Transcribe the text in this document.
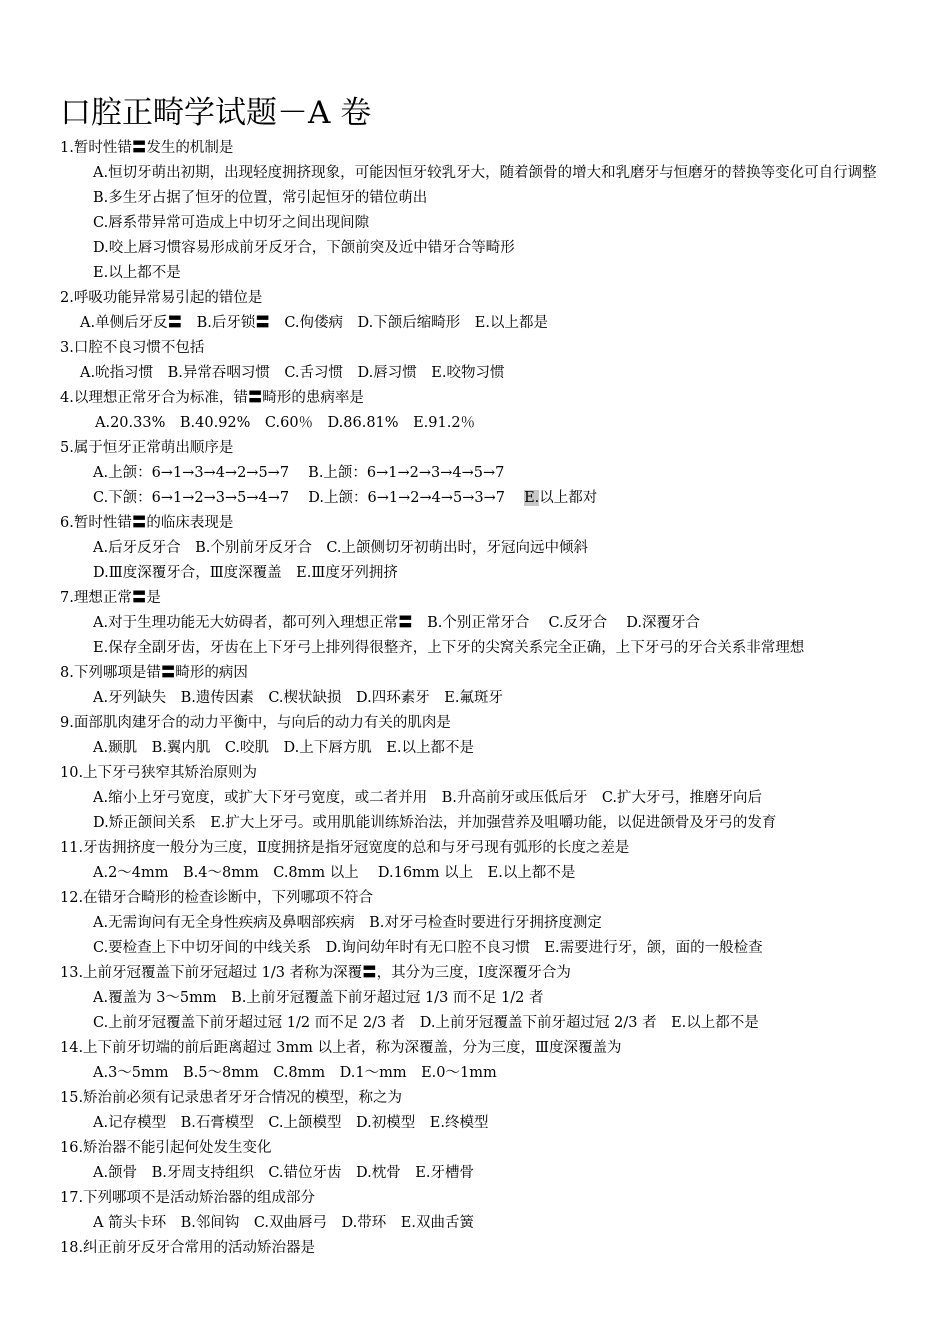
口腔正畸学试题－A 卷
1.暂时性错〓发生的机制是
A.恒切牙萌出初期，出现轻度拥挤现象，可能因恒牙较乳牙大，随着颌骨的增大和乳磨牙与恒磨牙的替换等变化可自行调整
B.多生牙占据了恒牙的位置，常引起恒牙的错位萌出
C.唇系带异常可造成上中切牙之间出现间隙
D.咬上唇习惯容易形成前牙反牙合，下颌前突及近中错牙合等畸形
E.以上都不是
2.呼吸功能异常易引起的错位是
A.单侧后牙反〓　B.后牙锁〓　C.佝偻病　D.下颌后缩畸形　E.以上都是
3.口腔不良习惯不包括
A.吮指习惯　B.异常吞咽习惯　C.舌习惯　D.唇习惯　E.咬物习惯
4.以理想正常牙合为标准，错〓畸形的患病率是
A.20.33%　B.40.92%　C.60％　D.86.81%　E.91.2％
5.属于恒牙正常萌出顺序是
A.上颌：6→1→3→4→2→5→7　 B.上颌：6→1→2→3→4→5→7
C.下颌：6→1→2→3→5→4→7　 D.上颌：6→1→2→4→5→3→7　 E.以上都对
6.暂时性错〓的临床表现是
A.后牙反牙合　B.个别前牙反牙合　C.上颌侧切牙初萌出时，牙冠向远中倾斜
D.Ⅲ度深覆牙合，Ⅲ度深覆盖　E.Ⅲ度牙列拥挤
7.理想正常〓是
A.对于生理功能无大妨碍者，都可列入理想正常〓　B.个别正常牙合　 C.反牙合　 D.深覆牙合
E.保存全副牙齿，牙齿在上下牙弓上排列得很整齐，上下牙的尖窝关系完全正确，上下牙弓的牙合关系非常理想
8.下列哪项是错〓畸形的病因
A.牙列缺失　B.遗传因素　C.楔状缺损　D.四环素牙　E.氟斑牙
9.面部肌肉建牙合的动力平衡中，与向后的动力有关的肌肉是
A.颞肌　B.翼内肌　C.咬肌　D.上下唇方肌　E.以上都不是
10.上下牙弓狭窄其矫治原则为
A.缩小上牙弓宽度，或扩大下牙弓宽度，或二者并用　B.升高前牙或压低后牙　C.扩大牙弓，推磨牙向后
D.矫正颌间关系　E.扩大上牙弓。或用肌能训练矫治法，并加强营养及咀嚼功能，以促进颌骨及牙弓的发育
11.牙齿拥挤度一般分为三度，Ⅱ度拥挤是指牙冠宽度的总和与牙弓现有弧形的长度之差是
A.2～4mm　B.4～8mm　C.8mm 以上　 D.16mm 以上　E.以上都不是
12.在错牙合畸形的检查诊断中，下列哪项不符合
A.无需询问有无全身性疾病及鼻咽部疾病　B.对牙弓检查时要进行牙拥挤度测定
C.要检查上下中切牙间的中线关系　D.询问幼年时有无口腔不良习惯　E.需要进行牙，颌，面的一般检查
13.上前牙冠覆盖下前牙冠超过 1/3 者称为深覆〓，其分为三度，Ⅰ度深覆牙合为
A.覆盖为 3～5mm　B.上前牙冠覆盖下前牙超过冠 1/3 而不足 1/2 者
C.上前牙冠覆盖下前牙超过冠 1/2 而不足 2/3 者　D.上前牙冠覆盖下前牙超过冠 2/3 者　E.以上都不是
14.上下前牙切端的前后距离超过 3mm 以上者，称为深覆盖，分为三度，Ⅲ度深覆盖为
A.3～5mm　B.5～8mm　C.8mm　D.1～mm　E.0～1mm
15.矫治前必须有记录患者牙牙合情况的模型，称之为
A.记存模型　B.石膏模型　C.上颌模型　D.初模型　E.终模型
16.矫治器不能引起何处发生变化
A.颌骨　B.牙周支持组织　C.错位牙齿　D.枕骨　E.牙槽骨
17.下列哪项不是活动矫治器的组成部分
A 箭头卡环　B.邻间钩　C.双曲唇弓　D.带环　E.双曲舌簧
18.纠正前牙反牙合常用的活动矫治器是
